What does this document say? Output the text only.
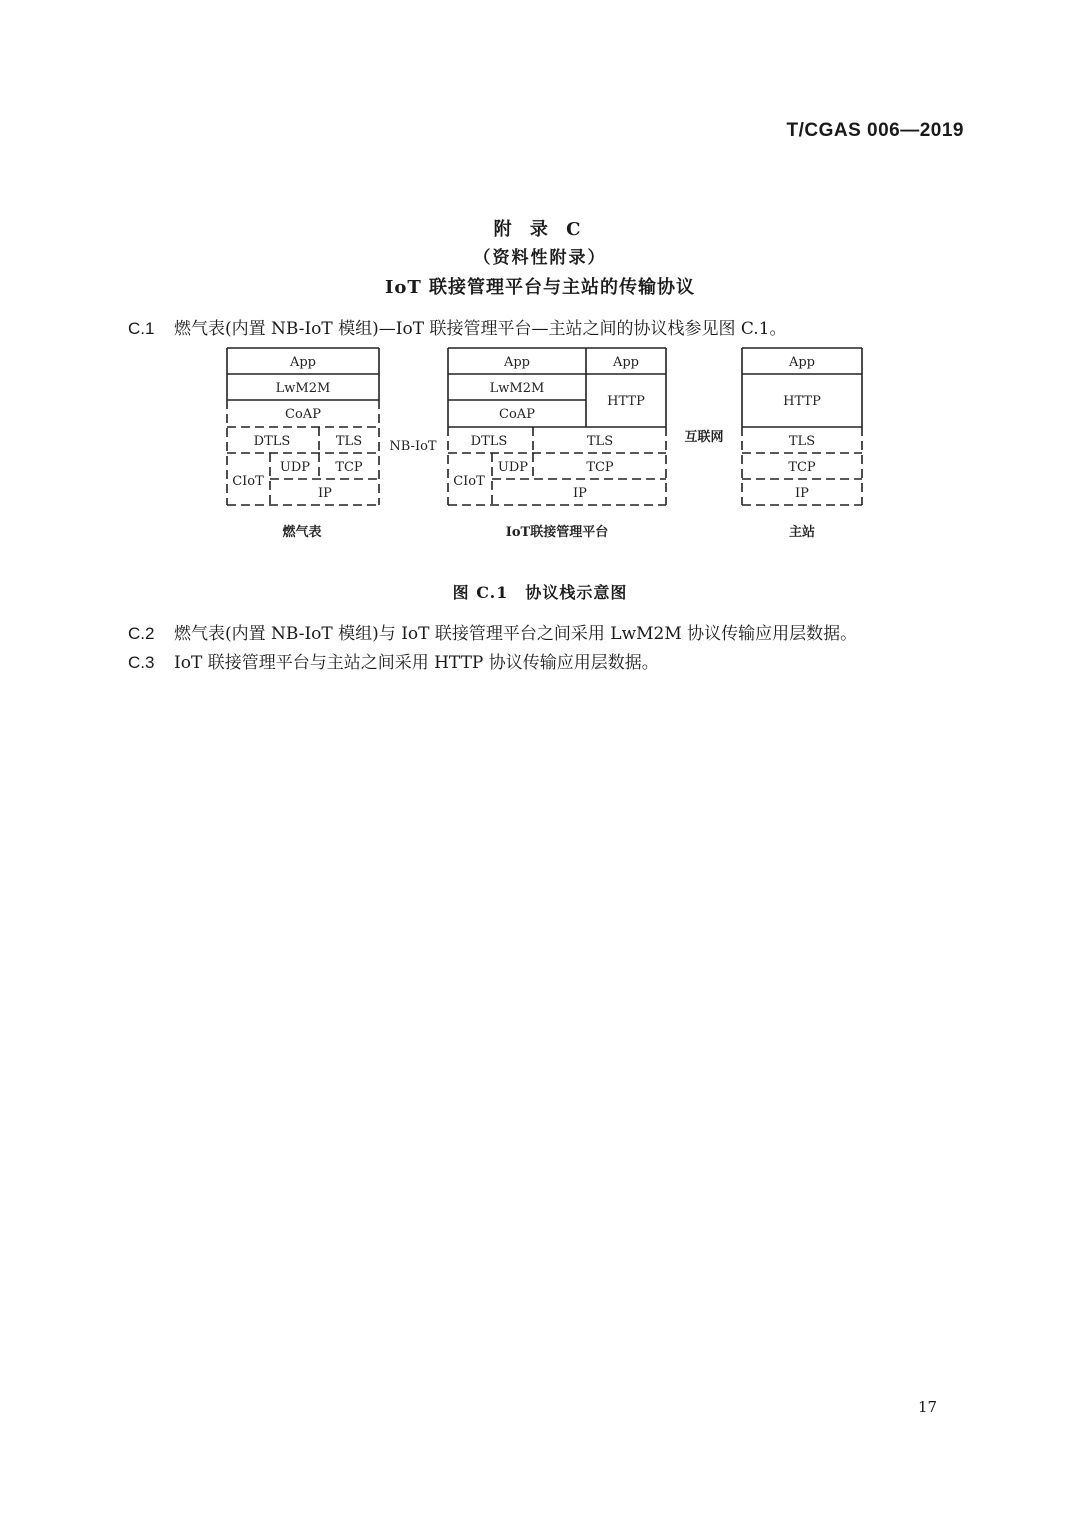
T/CGAS 006—2019
附 录 C
（资料性附录）
IoT 联接管理平台与主站的传输协议
C.1 燃气表(内置 NB-IoT 模组)—IoT 联接管理平台—主站之间的协议栈参见图 C.1。
App
LwM2M
CoAP
DTLS	TLS
UDP TCP
CIoT
IP
燃气表
NB-IoT
互联网
App	App
LwM2M
HTTP
CoAP
DTLS	TLS
UDP	TCP
CIoT
IP
IoT联接管理平台
App
HTTP
TLS
TCP
IP
主站
图 C.1　协议栈示意图
C.2 燃气表(内置 NB-IoT 模组)与 IoT 联接管理平台之间采用 LwM2M 协议传输应用层数据。
C.3 IoT 联接管理平台与主站之间采用 HTTP 协议传输应用层数据。
17
